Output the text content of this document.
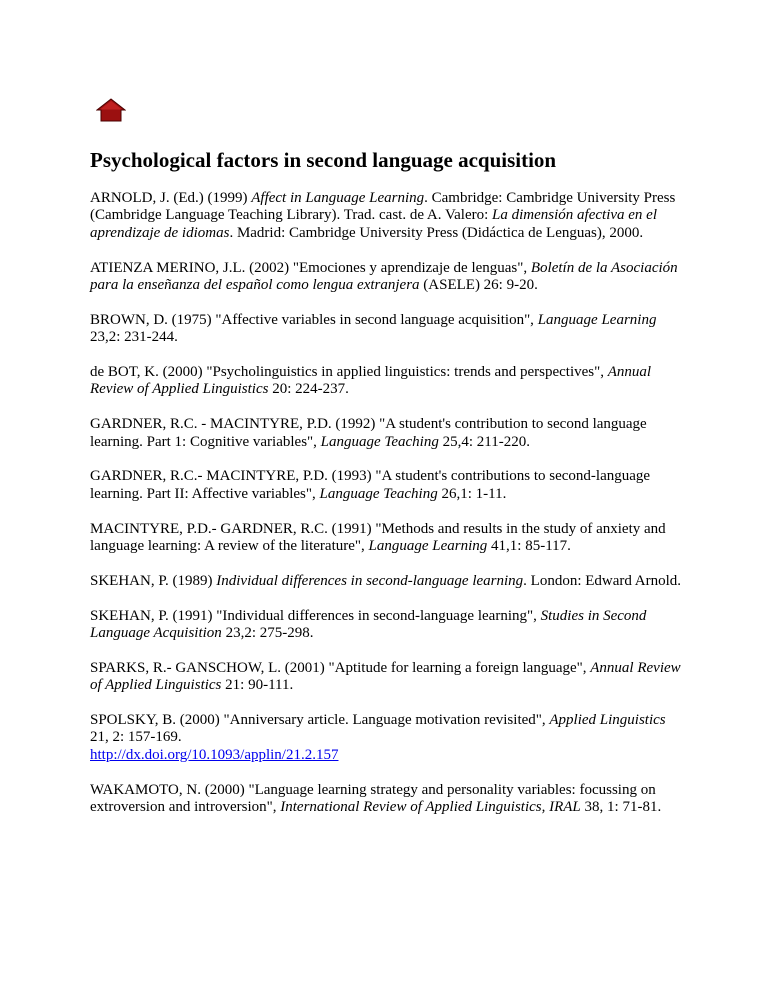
Psychological factors in second language acquisition
ARNOLD, J. (Ed.) (1999) Affect in Language Learning. Cambridge: Cambridge University Press (Cambridge Language Teaching Library). Trad. cast. de A. Valero: La dimensión afectiva en el aprendizaje de idiomas. Madrid: Cambridge University Press (Didáctica de Lenguas), 2000.
ATIENZA MERINO, J.L. (2002) "Emociones y aprendizaje de lenguas", Boletín de la Asociación para la enseñanza del español como lengua extranjera (ASELE) 26: 9-20.
BROWN, D. (1975) "Affective variables in second language acquisition", Language Learning 23,2: 231-244.
de BOT, K. (2000) "Psycholinguistics in applied linguistics: trends and perspectives", Annual Review of Applied Linguistics 20: 224-237.
GARDNER, R.C. - MACINTYRE, P.D. (1992) "A student's contribution to second language learning. Part 1: Cognitive variables", Language Teaching 25,4: 211-220.
GARDNER, R.C.- MACINTYRE, P.D. (1993) "A student's contributions to second-language learning. Part II: Affective variables", Language Teaching 26,1: 1-11.
MACINTYRE, P.D.- GARDNER, R.C. (1991) "Methods and results in the study of anxiety and language learning: A review of the literature", Language Learning 41,1: 85-117.
SKEHAN, P. (1989) Individual differences in second-language learning. London: Edward Arnold.
SKEHAN, P. (1991) "Individual differences in second-language learning", Studies in Second Language Acquisition 23,2: 275-298.
SPARKS, R.- GANSCHOW, L. (2001) "Aptitude for learning a foreign language", Annual Review of Applied Linguistics 21: 90-111.
SPOLSKY, B. (2000) "Anniversary article. Language motivation revisited", Applied Linguistics 21, 2: 157-169.
http://dx.doi.org/10.1093/applin/21.2.157
WAKAMOTO, N. (2000) "Language learning strategy and personality variables: focussing on extroversion and introversion", International Review of Applied Linguistics, IRAL 38, 1: 71-81.
